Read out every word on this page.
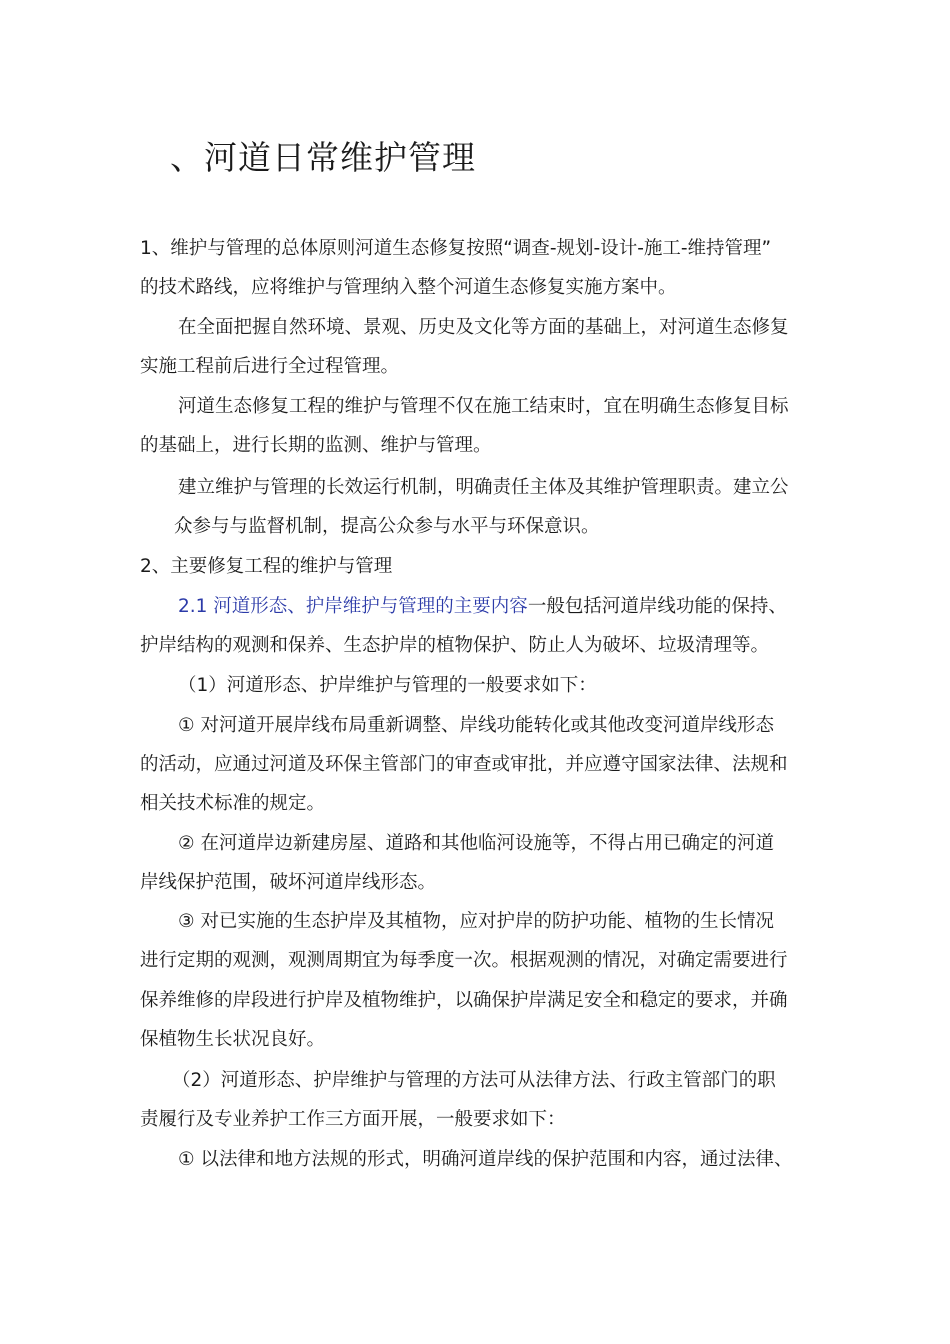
、河道日常维护管理
1、维护与管理的总体原则河道生态修复按照“调查-规划-设计-施工-维持管理”
的技术路线，应将维护与管理纳入整个河道生态修复实施方案中。
在全面把握自然环境、景观、历史及文化等方面的基础上，对河道生态修复
实施工程前后进行全过程管理。
河道生态修复工程的维护与管理不仅在施工结束时，宜在明确生态修复目标
的基础上，进行长期的监测、维护与管理。
建立维护与管理的长效运行机制，明确责任主体及其维护管理职责。建立公
众参与与监督机制，提高公众参与水平与环保意识。
2、主要修复工程的维护与管理
2.1 河道形态、护岸维护与管理的主要内容一般包括河道岸线功能的保持、
护岸结构的观测和保养、生态护岸的植物保护、防止人为破坏、垃圾清理等。
（1）河道形态、护岸维护与管理的一般要求如下：
① 对河道开展岸线布局重新调整、岸线功能转化或其他改变河道岸线形态
的活动，应通过河道及环保主管部门的审查或审批，并应遵守国家法律、法规和
相关技术标准的规定。
② 在河道岸边新建房屋、道路和其他临河设施等，不得占用已确定的河道
岸线保护范围，破坏河道岸线形态。
③ 对已实施的生态护岸及其植物，应对护岸的防护功能、植物的生长情况
进行定期的观测，观测周期宜为每季度一次。根据观测的情况，对确定需要进行
保养维修的岸段进行护岸及植物维护，以确保护岸满足安全和稳定的要求，并确
保植物生长状况良好。
（2）河道形态、护岸维护与管理的方法可从法律方法、行政主管部门的职
责履行及专业养护工作三方面开展，一般要求如下：
① 以法律和地方法规的形式，明确河道岸线的保护范围和内容，通过法律、
